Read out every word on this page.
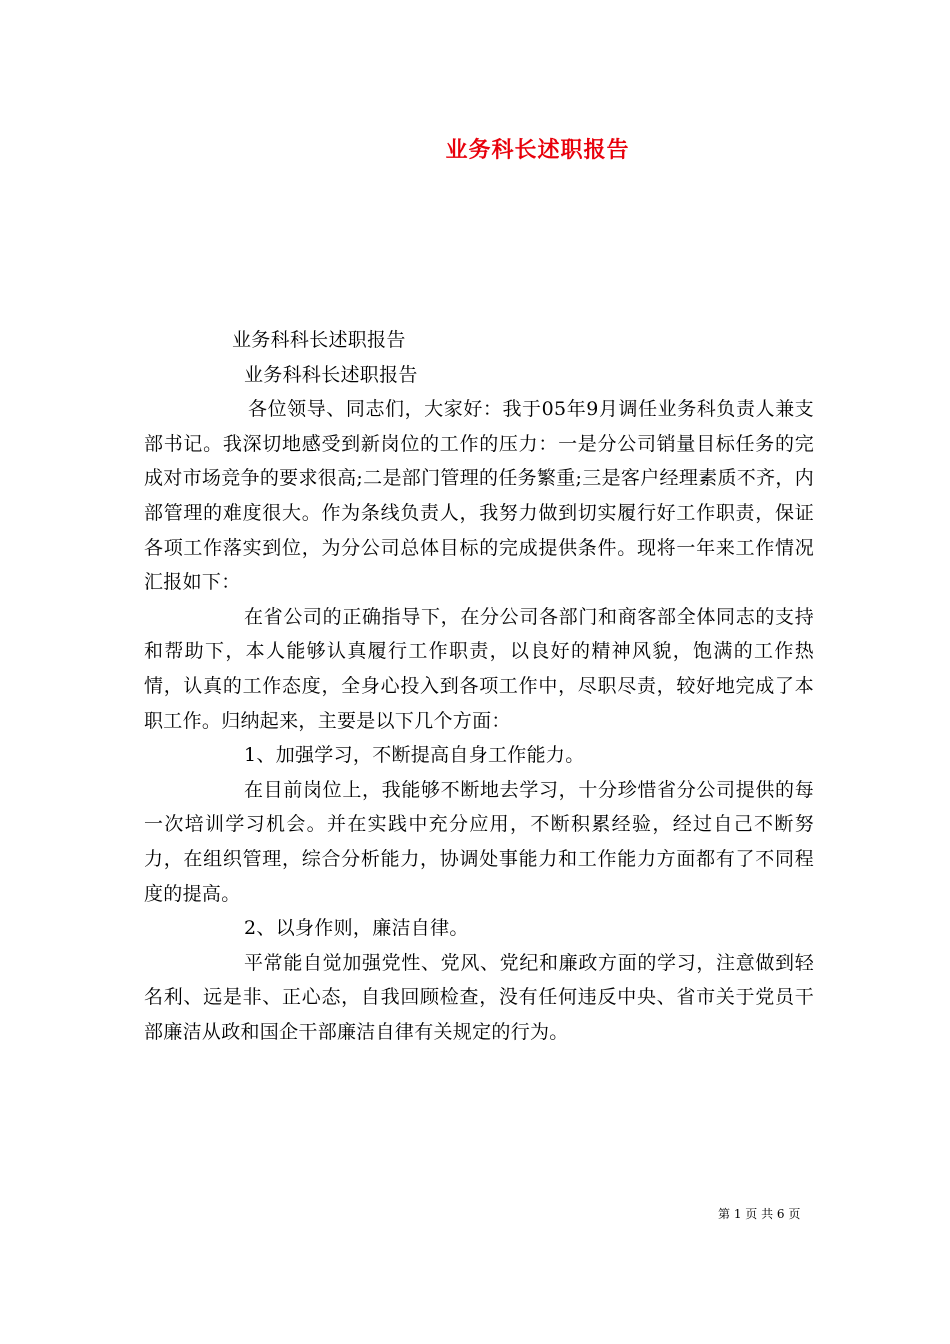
业务科长述职报告

业务科科长述职报告

业务科科长述职报告

各位领导、同志们，大家好：我于05年9月调任业务科负责人兼支部书记。我深切地感受到新岗位的工作的压力：一是分公司销量目标任务的完成对市场竞争的要求很高;二是部门管理的任务繁重;三是客户经理素质不齐，内部管理的难度很大。作为条线负责人，我努力做到切实履行好工作职责，保证各项工作落实到位，为分公司总体目标的完成提供条件。现将一年来工作情况汇报如下：

在省公司的正确指导下，在分公司各部门和商客部全体同志的支持和帮助下，本人能够认真履行工作职责，以良好的精神风貌，饱满的工作热情，认真的工作态度，全身心投入到各项工作中，尽职尽责，较好地完成了本职工作。归纳起来，主要是以下几个方面：

1、加强学习，不断提高自身工作能力。

在目前岗位上，我能够不断地去学习，十分珍惜省分公司提供的每一次培训学习机会。并在实践中充分应用，不断积累经验，经过自己不断努力，在组织管理，综合分析能力，协调处事能力和工作能力方面都有了不同程度的提高。

2、以身作则，廉洁自律。

平常能自觉加强党性、党风、党纪和廉政方面的学习，注意做到轻名利、远是非、正心态，自我回顾检查，没有任何违反中央、省市关于党员干部廉洁从政和国企干部廉洁自律有关规定的行为。

第 1 页 共 6 页
